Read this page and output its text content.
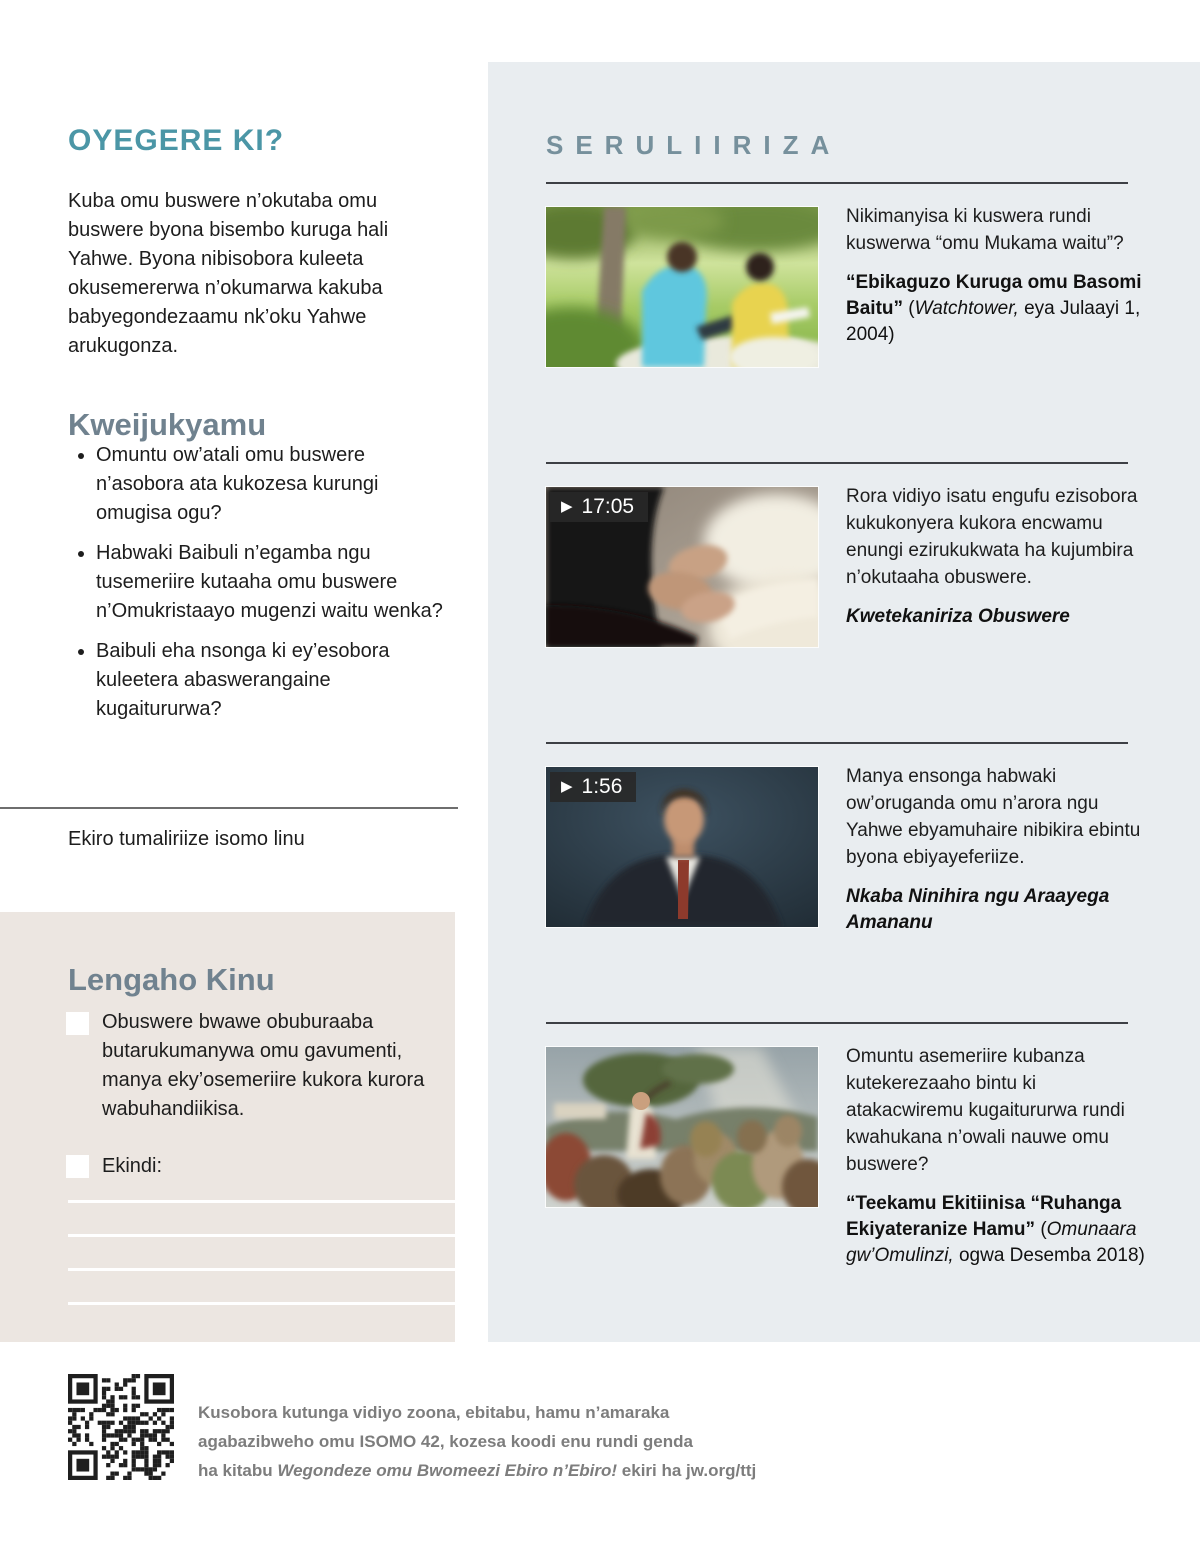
OYEGERE KI?

Kuba omu buswere n’okutaba omu buswere byona bisembo kuruga hali Yahwe. Byona nibisobora kuleeta okusemererwa n’okumarwa kakuba babyegondezaamu nk’oku Yahwe arukugonza.

Kweijukyamu
• Omuntu ow’atali omu buswere n’asobora ata kukozesa kurungi omugisa ogu?
• Habwaki Baibuli n’egamba ngu tusemeriire kutaaha omu buswere n’Omukristaayo mugenzi waitu wenka?
• Baibuli eha nsonga ki ey’esobora kuleetera abaswerangaine kugaitururwa?
Ekiro tumaliriize isomo linu
Lengaho Kinu
Obuswere bwawe obuburaaba butarukumanywa omu gavumenti, manya eky’osemeriire kukora kurora wabuhandiikisa.
Ekindi:
SERULIIRIZA

Nikimanyisa ki kuswera rundi kuswerwa “omu Mukama waitu”?

“Ebikaguzo Kuruga omu Basomi Baitu” (Watchtower, eya Julaayi 1, 2004)

▶ 17:05	Rora vidiyo isatu engufu ezisobora kukukonyera kukora encwamu enungi ezirukukwata ha kujumbira n’okutaaha obuswere.

Kwetekaniriza Obuswere

▶ 1:56	Manya ensonga habwaki ow’oruganda omu n’arora ngu Yahwe ebyamuhaire nibikira ebintu byona ebiyayeferiize.

Nkaba Ninihira ngu Araayega Amananu

Omuntu asemeriire kubanza kutekerezaaho bintu ki atakacwiremu kugaitururwa rundi kwahukana n’owali nauwe omu buswere?

“Teekamu Ekitiinisa “Ruhanga Ekiyateranize Hamu” (Omunaara gw’Omulinzi, ogwa Desemba 2018)

Kusobora kutunga vidiyo zoona, ebitabu, hamu n’amaraka
agabazibweho omu ISOMO 42, kozesa koodi enu rundi genda
ha kitabu Wegondeze omu Bwomeezi Ebiro n’Ebiro! ekiri ha jw.org/ttj
